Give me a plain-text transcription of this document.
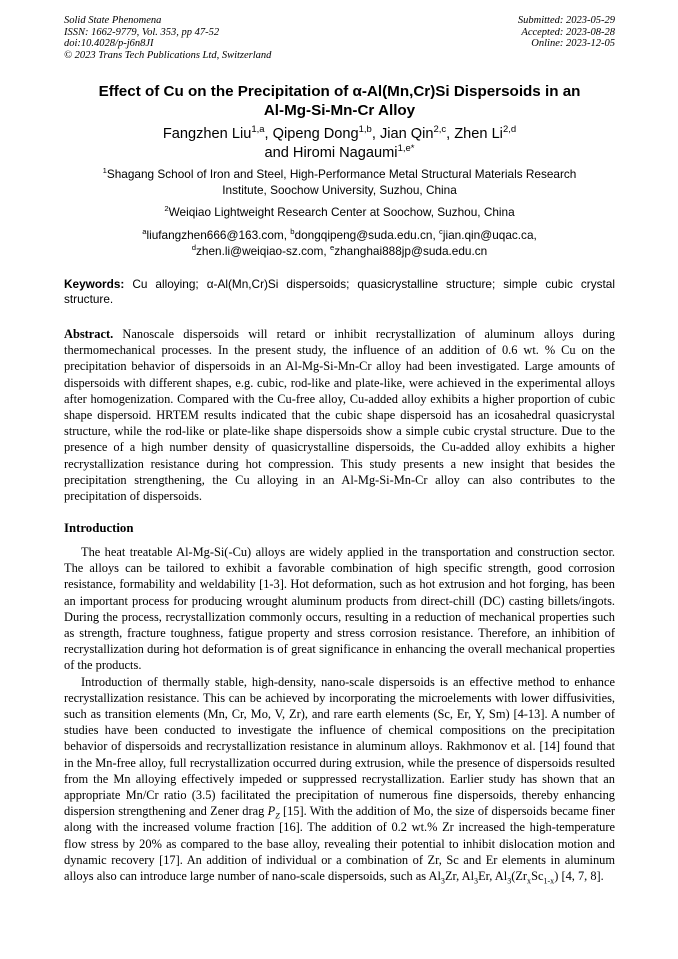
Solid State Phenomena
ISSN: 1662-9779, Vol. 353, pp 47-52
doi:10.4028/p-j6n8JI
© 2023 Trans Tech Publications Ltd, Switzerland
Submitted: 2023-05-29
Accepted: 2023-08-28
Online: 2023-12-05
Effect of Cu on the Precipitation of α-Al(Mn,Cr)Si Dispersoids in an
Al-Mg-Si-Mn-Cr Alloy
Fangzhen Liu$^{1,a}$, Qipeng Dong$^{1,b}$, Jian Qin$^{2,c}$, Zhen Li$^{2,d}$
and Hiromi Nagaumi$^{1,e*}$
$^1$Shagang School of Iron and Steel, High-Performance Metal Structural Materials Research
Institute, Soochow University, Suzhou, China
$^2$Weiqiao Lightweight Research Center at Soochow, Suzhou, China
$^a$liufangzhen666@163.com, $^b$dongqipeng@suda.edu.cn, $^c$jian.qin@uqac.ca,
$^d$zhen.li@weiqiao-sz.com, $^e$zhanghai888jp@suda.edu.cn
Keywords: Cu alloying; α-Al(Mn,Cr)Si dispersoids; quasicrystalline structure; simple cubic crystal structure.

Abstract. Nanoscale dispersoids will retard or inhibit recrystallization of aluminum alloys during thermomechanical processes. In the present study, the influence of an addition of 0.6 wt. % Cu on the precipitation behavior of dispersoids in an Al-Mg-Si-Mn-Cr alloy had been investigated. Large amounts of dispersoids with different shapes, e.g. cubic, rod-like and plate-like, were achieved in the experimental alloys after homogenization. Compared with the Cu-free alloy, Cu-added alloy exhibits a higher proportion of cubic shape dispersoid. HRTEM results indicated that the cubic shape dispersoid has an icosahedral quasicrystal structure, while the rod-like or plate-like shape dispersoids show a simple cubic crystal structure. Due to the presence of a high number density of quasicrystalline dispersoids, the Cu-added alloy exhibits a higher recrystallization resistance during hot compression. This study presents a new insight that besides the precipitation strengthening, the Cu alloying in an Al-Mg-Si-Mn-Cr alloy can also contributes to the precipitation of dispersoids.

Introduction

The heat treatable Al-Mg-Si(-Cu) alloys are widely applied in the transportation and construction sector. The alloys can be tailored to exhibit a favorable combination of high specific strength, good corrosion resistance, formability and weldability [1-3]. Hot deformation, such as hot extrusion and hot forging, has been an important process for producing wrought aluminum products from direct-chill (DC) casting billets/ingots. During the process, recrystallization commonly occurs, resulting in a reduction of mechanical properties such as strength, fracture toughness, fatigue property and stress corrosion resistance. Therefore, an inhibition of recrystallization during hot deformation is of great significance in enhancing the overall mechanical properties of the products.

Introduction of thermally stable, high-density, nano-scale dispersoids is an effective method to enhance recrystallization resistance. This can be achieved by incorporating the microelements with lower diffusivities, such as transition elements (Mn, Cr, Mo, V, Zr), and rare earth elements (Sc, Er, Y, Sm) [4-13]. A number of studies have been conducted to investigate the influence of chemical compositions on the precipitation behavior of dispersoids and recrystallization resistance in aluminum alloys. Rakhmonov et al. [14] found that in the Mn-free alloy, full recrystallization occurred during extrusion, while the presence of dispersoids resulted from the Mn alloying effectively impeded or suppressed recrystallization. Earlier study has shown that an appropriate Mn/Cr ratio (3.5) facilitated the precipitation of numerous fine dispersoids, thereby enhancing dispersion strengthening and Zener drag $P_Z$ [15]. With the addition of Mo, the size of dispersoids became finer along with the increased volume fraction [16]. The addition of 0.2 wt.% Zr increased the high-temperature flow stress by 20% as compared to the base alloy, revealing their potential to inhibit dislocation motion and dynamic recovery [17]. An addition of individual or a combination of Zr, Sc and Er elements in aluminum alloys also can introduce large number of nano-scale dispersoids, such as $Al_3Zr$, $Al_3Er$, $Al_3(Zr_xSc_{1-x})$ [4, 7, 8].
